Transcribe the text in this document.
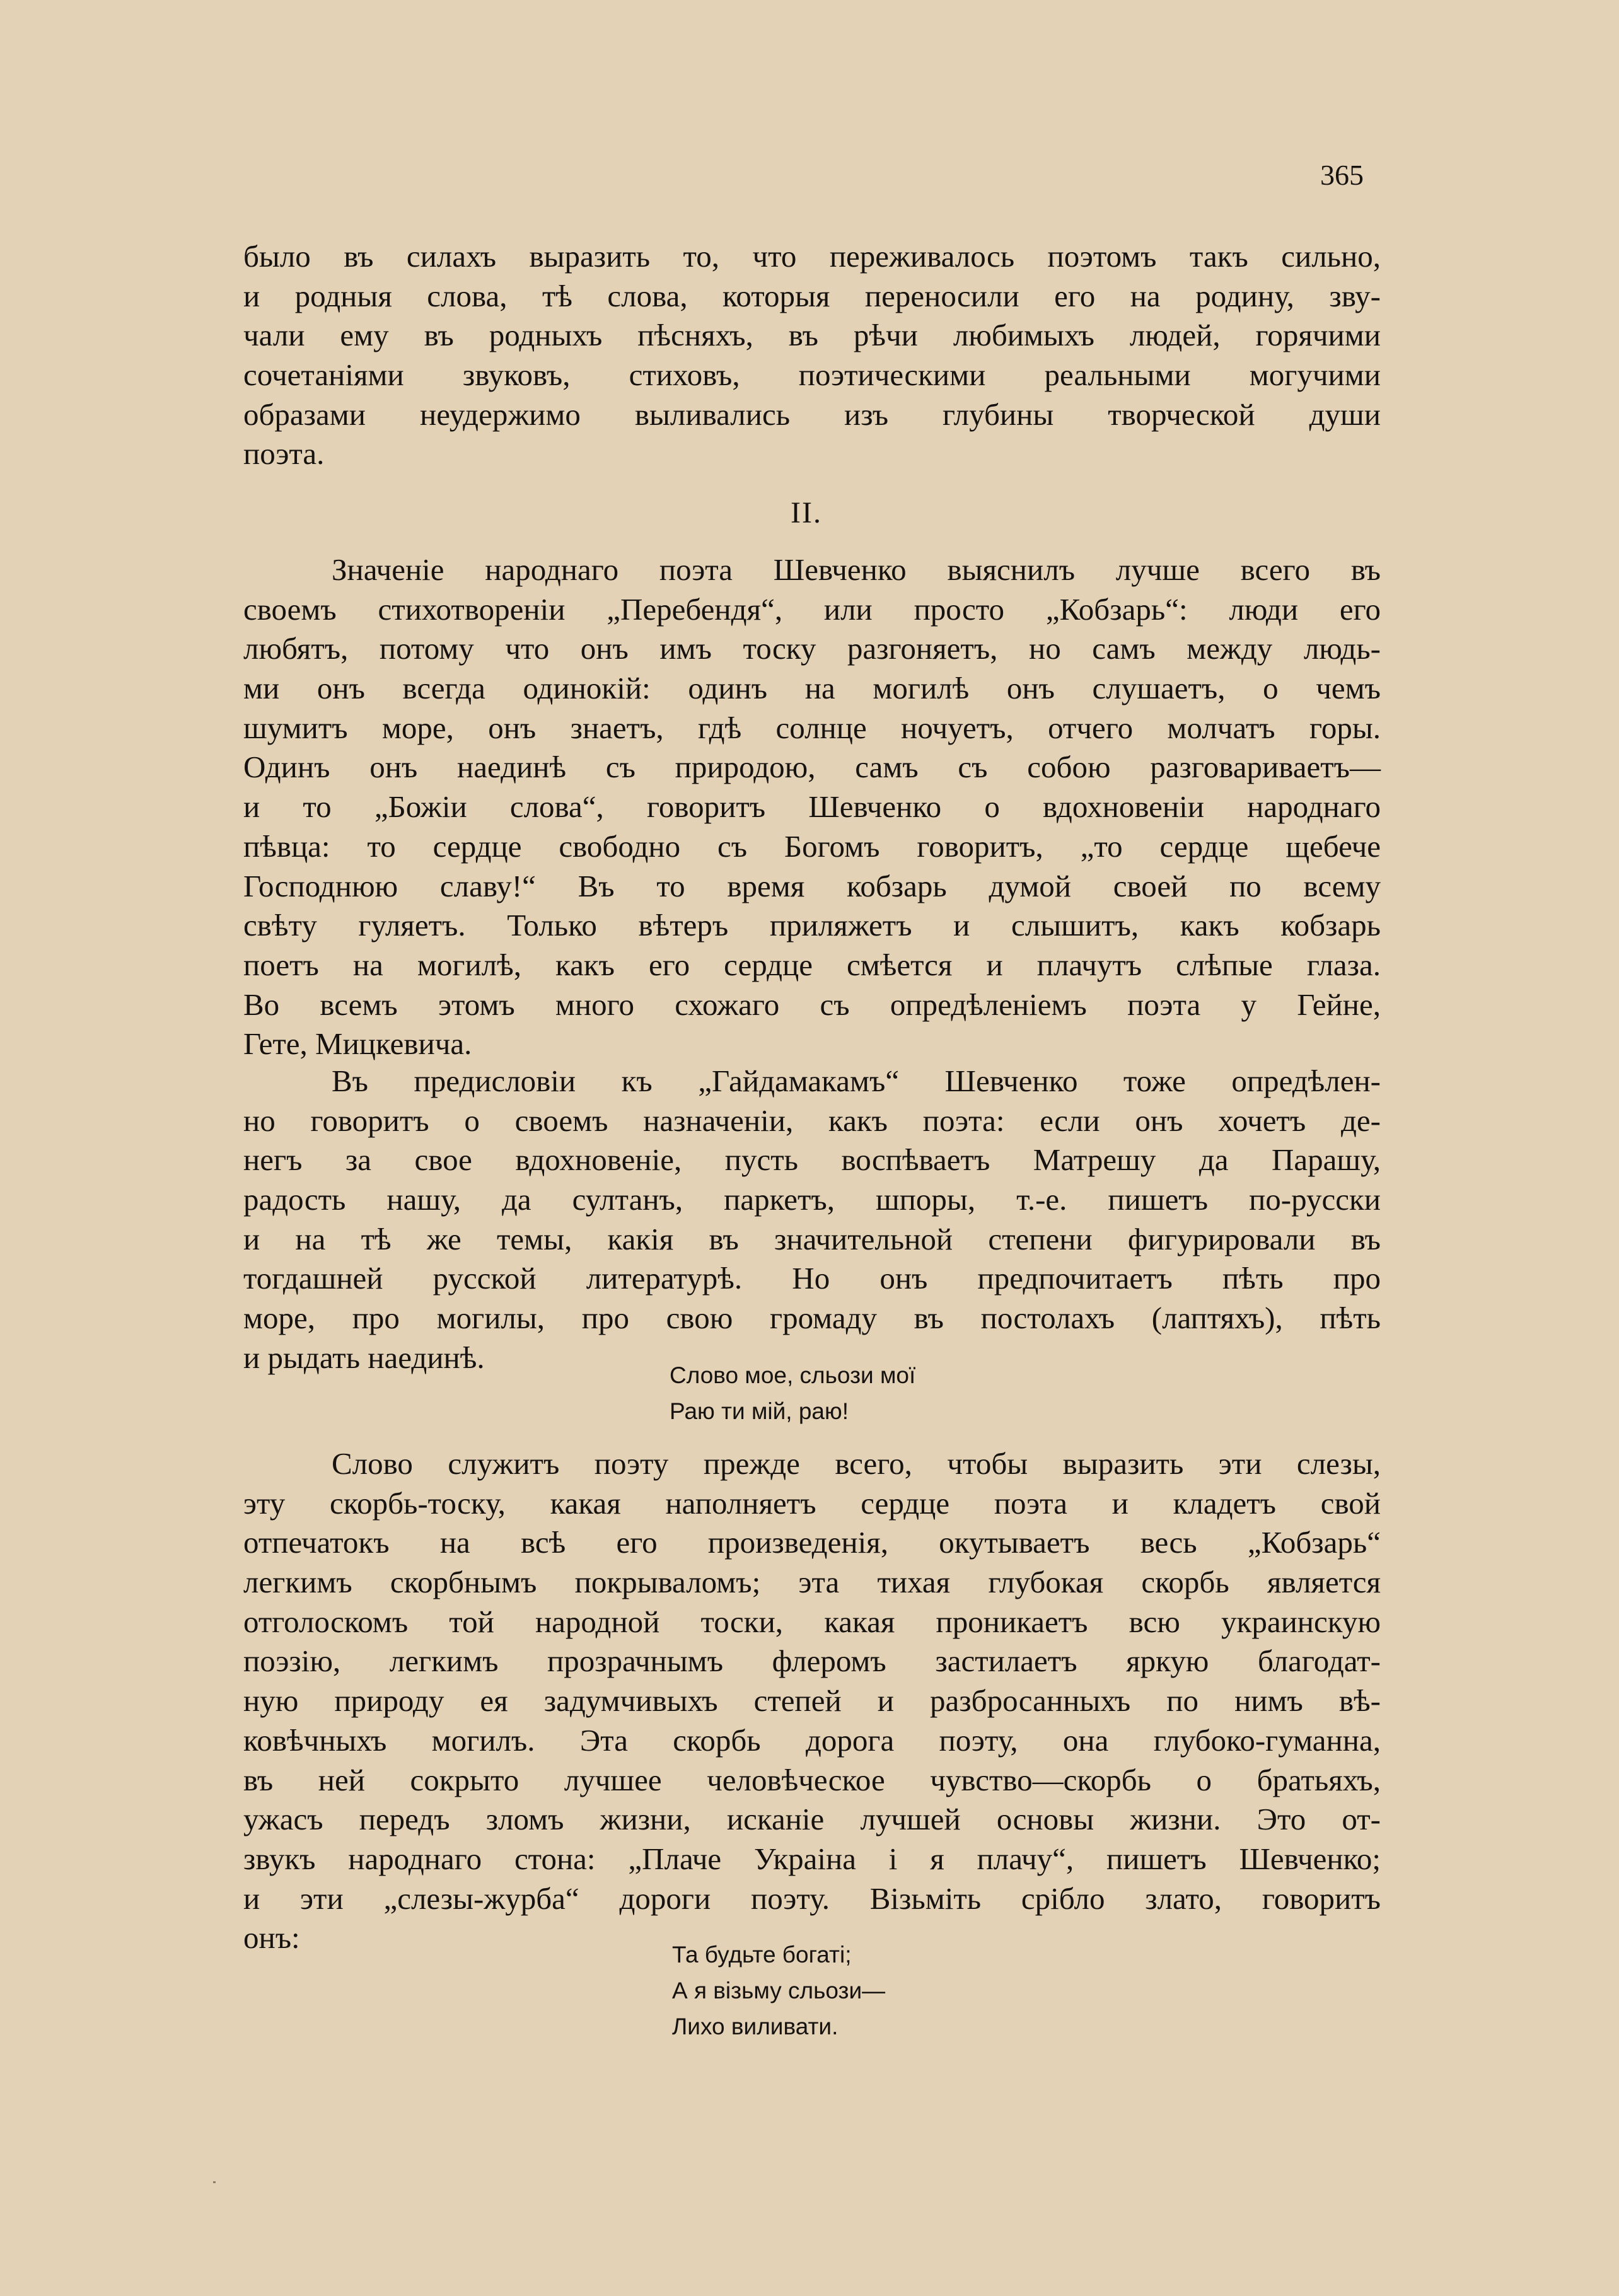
365
было въ силахъ выразить то, что переживалось поэтомъ такъ сильно,
и родныя слова, тѣ слова, которыя переносили его на родину, зву-
чали ему въ родныхъ пѣсняхъ, въ рѣчи любимыхъ людей, горячими
сочетаніями звуковъ, стиховъ, поэтическими реальными могучими
образами неудержимо выливались изъ глубины творческой души
поэта.
II.
Значеніе народнаго поэта Шевченко выяснилъ лучше всего въ
своемъ стихотвореніи „Перебендя“, или просто „Кобзарь“: люди его
любятъ, потому что онъ имъ тоску разгоняетъ, но самъ между людь-
ми онъ всегда одинокій: одинъ на могилѣ онъ слушаетъ, о чемъ
шумитъ море, онъ знаетъ, гдѣ солнце ночуетъ, отчего молчатъ горы.
Одинъ онъ наединѣ съ природою, самъ съ собою разговариваетъ—
и то „Божіи слова“, говоритъ Шевченко о вдохновеніи народнаго
пѣвца: то сердце свободно съ Богомъ говоритъ, „то сердце щебече
Господнюю славу!“ Въ то время кобзарь думой своей по всему
свѣту гуляетъ. Только вѣтеръ приляжетъ и слышитъ, какъ кобзарь
поетъ на могилѣ, какъ его сердце смѣется и плачутъ слѣпые глаза.
Во всемъ этомъ много схожаго съ опредѣленіемъ поэта у Гейне,
Гете, Мицкевича.
Въ предисловіи къ „Гайдамакамъ“ Шевченко тоже опредѣлен-
но говоритъ о своемъ назначеніи, какъ поэта: если онъ хочетъ де-
негъ за свое вдохновеніе, пусть воспѣваетъ Матрешу да Парашу,
радость нашу, да султанъ, паркетъ, шпоры, т.-е. пишетъ по-русски
и на тѣ же темы, какія въ значительной степени фигурировали въ
тогдашней русской литературѣ. Но онъ предпочитаетъ пѣть про
море, про могилы, про свою громаду въ постолахъ (лаптяхъ), пѣть
и рыдать наединѣ.
Слово мое, сльози мої
Раю ти мій, раю!
Слово служитъ поэту прежде всего, чтобы выразить эти слезы,
эту скорбь-тоску, какая наполняетъ сердце поэта и кладетъ свой
отпечатокъ на всѣ его произведенія, окутываетъ весь „Кобзарь“
легкимъ скорбнымъ покрываломъ; эта тихая глубокая скорбь является
отголоскомъ той народной тоски, какая проникаетъ всю украинскую
поэзію, легкимъ прозрачнымъ флеромъ застилаетъ яркую благодат-
ную природу ея задумчивыхъ степей и разбросанныхъ по нимъ вѣ-
ковѣчныхъ могилъ. Эта скорбь дорога поэту, она глубоко-гуманна,
въ ней сокрыто лучшее человѣческое чувство—скорбь о братьяхъ,
ужасъ передъ зломъ жизни, исканіе лучшей основы жизни. Это от-
звукъ народнаго стона: „Плаче Украіна і я плачу“, пишетъ Шевченко;
и эти „слезы-журба“ дороги поэту. Візьміть срібло злато, говоритъ
онъ:	Та будьте богаті;
А я візьму сльози—
Лихо виливати.
